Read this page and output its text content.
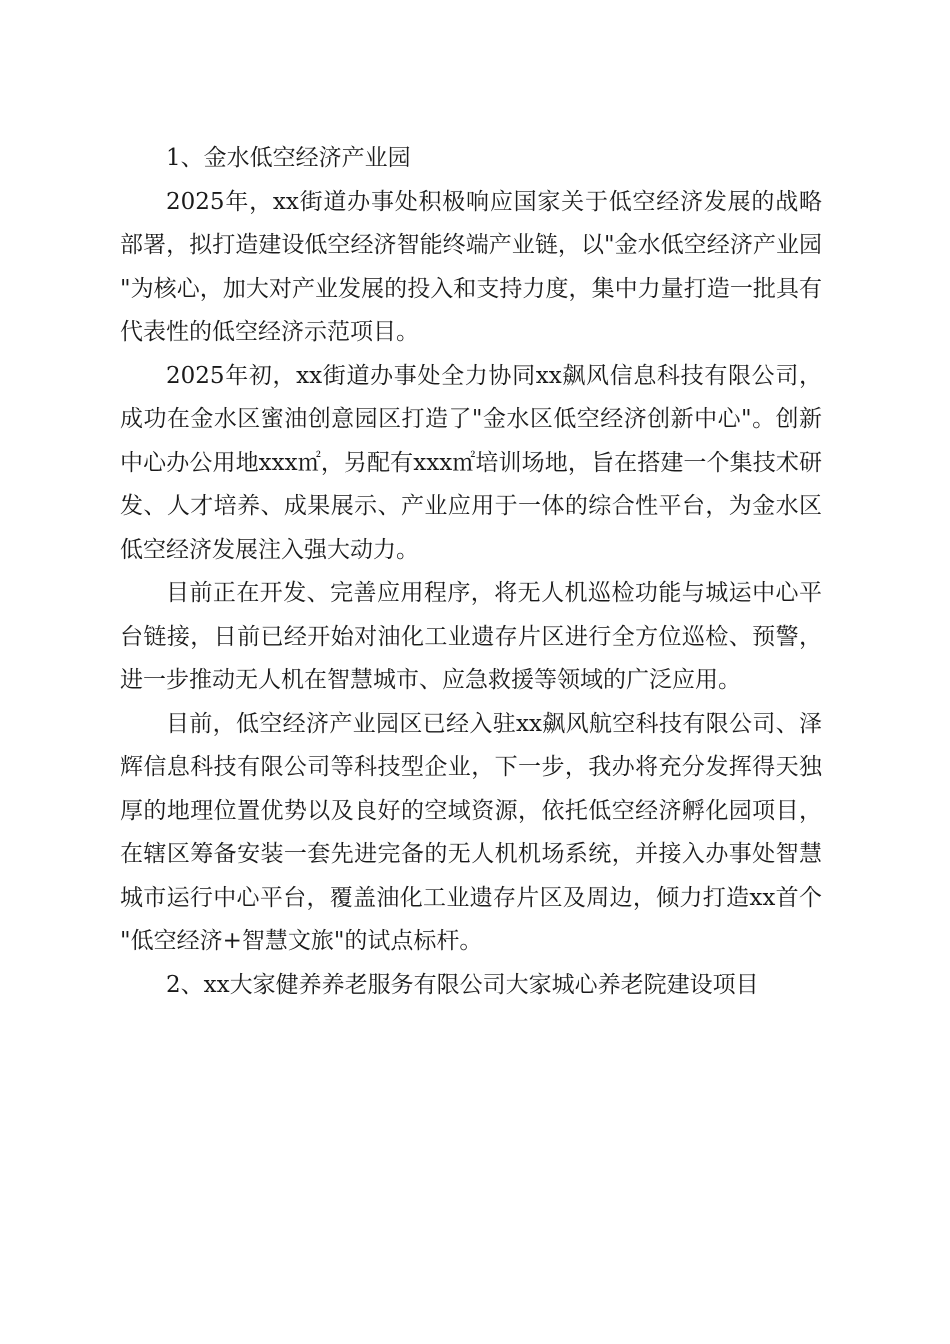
1、金水低空经济产业园

2025年，xx街道办事处积极响应国家关于低空经济发展的战略部署，拟打造建设低空经济智能终端产业链，以"金水低空经济产业园"为核心，加大对产业发展的投入和支持力度，集中力量打造一批具有代表性的低空经济示范项目。

2025年初，xx街道办事处全力协同xx飙风信息科技有限公司，成功在金水区蜜油创意园区打造了"金水区低空经济创新中心"。创新中心办公用地xxx㎡，另配有xxx㎡培训场地，旨在搭建一个集技术研发、人才培养、成果展示、产业应用于一体的综合性平台，为金水区低空经济发展注入强大动力。

目前正在开发、完善应用程序，将无人机巡检功能与城运中心平台链接，日前已经开始对油化工业遗存片区进行全方位巡检、预警，进一步推动无人机在智慧城市、应急救援等领域的广泛应用。

目前，低空经济产业园区已经入驻xx飙风航空科技有限公司、泽辉信息科技有限公司等科技型企业，下一步，我办将充分发挥得天独厚的地理位置优势以及良好的空域资源，依托低空经济孵化园项目，在辖区筹备安装一套先进完备的无人机机场系统，并接入办事处智慧城市运行中心平台，覆盖油化工业遗存片区及周边，倾力打造xx首个"低空经济+智慧文旅"的试点标杆。

2、xx大家健养养老服务有限公司大家城心养老院建设项目
